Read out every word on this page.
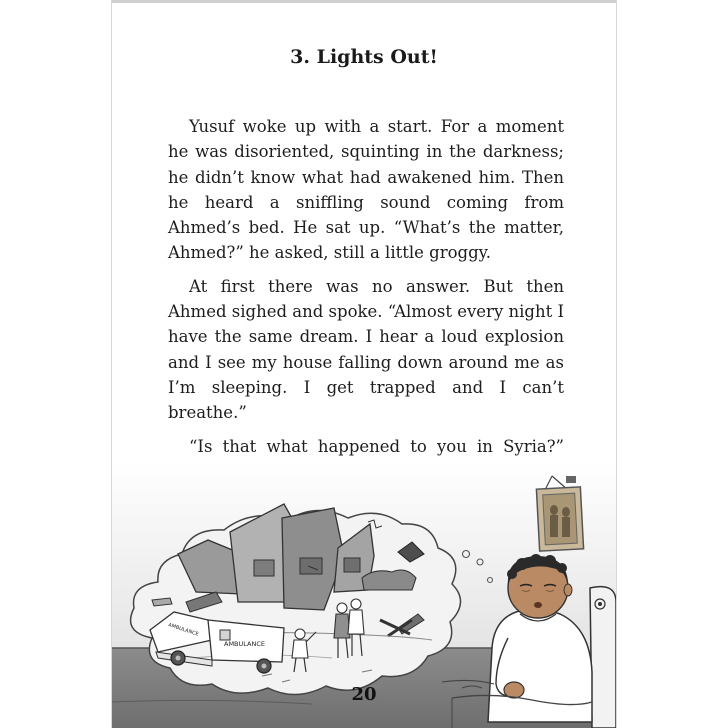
3. Lights Out!

Yusuf woke up with a start. For a moment he was disoriented, squinting in the darkness; he didn’t know what had awakened him. Then he heard a sniffling sound coming from Ahmed’s bed. He sat up. “What’s the matter, Ahmed?” he asked, still a little groggy.

At first there was no answer. But then Ahmed sighed and spoke. “Almost every night I have the same dream. I hear a loud explosion and I see my house falling down around me as I’m sleeping. I get trapped and I can’t breathe.”

“Is that what happened to you in Syria?”

AMBULANCE
AMBULANCE
20
